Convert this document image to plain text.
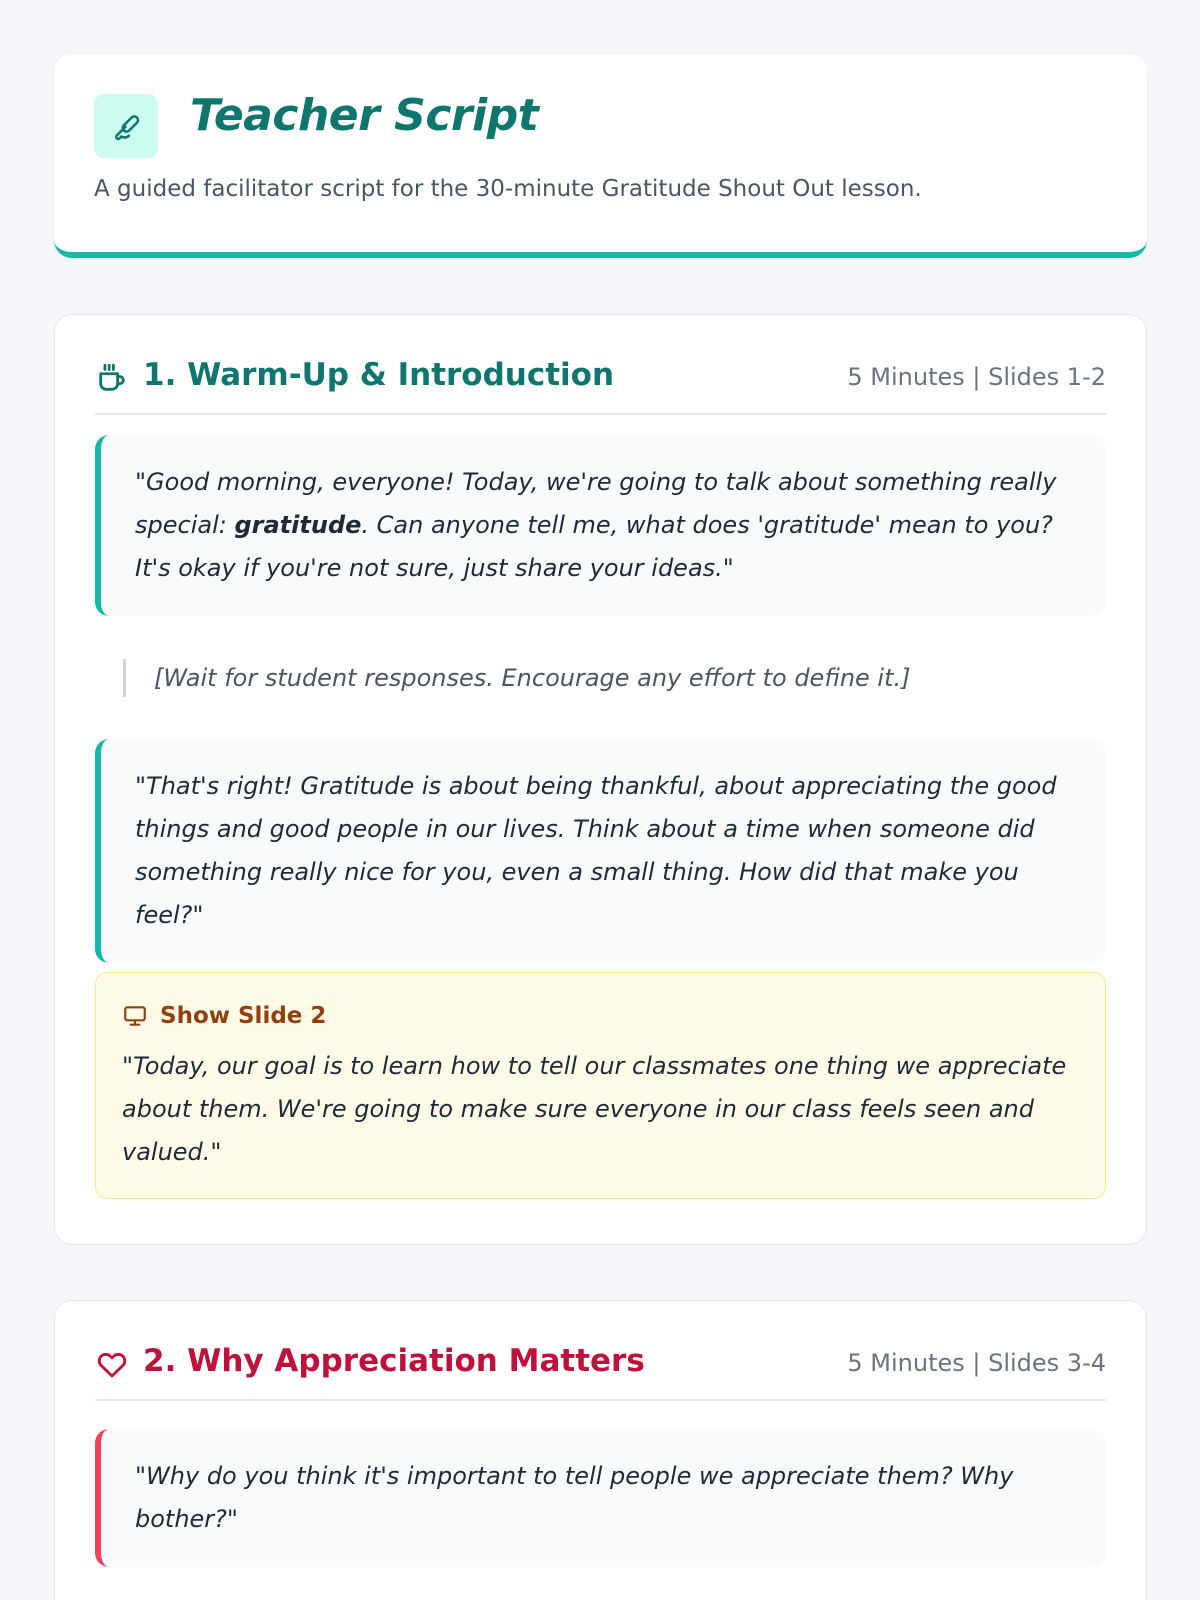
Teacher Script
A guided facilitator script for the 30-minute Gratitude Shout Out lesson.
1. Warm-Up & Introduction	5 Minutes | Slides 1-2
"Good morning, everyone! Today, we're going to talk about something really special: gratitude. Can anyone tell me, what does 'gratitude' mean to you? It's okay if you're not sure, just share your ideas."
[Wait for student responses. Encourage any effort to define it.]
"That's right! Gratitude is about being thankful, about appreciating the good things and good people in our lives. Think about a time when someone did something really nice for you, even a small thing. How did that make you feel?"
Show Slide 2
"Today, our goal is to learn how to tell our classmates one thing we appreciate about them. We're going to make sure everyone in our class feels seen and valued."
2. Why Appreciation Matters	5 Minutes | Slides 3-4
"Why do you think it's important to tell people we appreciate them? Why bother?"
